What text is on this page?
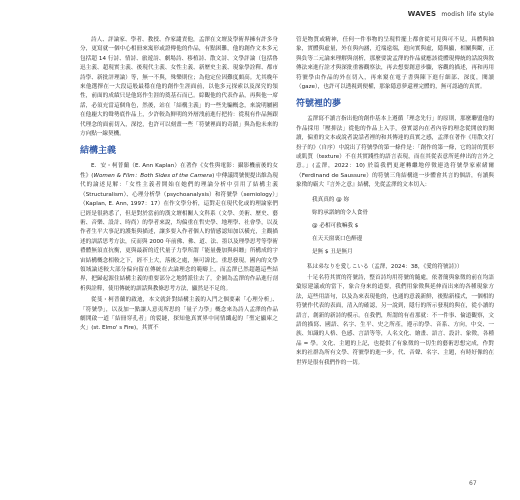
WAVES modish life style

詩人、評論家、學者、教授、作家譴責他，孟澤在文壇及學術界擁有許多身分，更寫就一個中心相冊來寓形或證傳他的作品，有點困難，他的創作文本多元包括超 14 行詩、情詩、旅遊詩、劇場詩、移植詩、散文詩、文學評論（包括魯迅主義、超現實主義、後現代主義、女性主義、新歷史主義、現象學詮釋、都市詩學、新批評理論）等，無一不與，殊樂則位；為他定位因難度頗高。尤其晚年來他選擇在一大段這般最穩在他的創作生涯面前，以他多元探索以及深究的領性，前面的成績只是他寫作生涯的奠基石而已。綜觀他的代表作品，再與他一席話，必須充當這個角色，然後，站在「結構主義」的一些先騙概念，來說明屬國在他龐大的聲勢底作品上，少許較為鮮明的外層洩前進行把持：從現有作品無跟代理念的面前切入，深挖，也許可以刻畫一些「符號裡面的奇蹟」與為他未來的方向點一線契機。

結構主義

E．安・柯普蘭（E. Ann Kaplan）在著作《女性與電影：攝影機前後的女性》(Women & Film：Both Sides of the Camera) 中傳議問號便提出維為現代的論述見解：「女性主義者開始在她們的理論分析中引用了結構主義（Structuralism）、心理分析學（psychoanalysis）和符號學（semiology）」（Kaplan, E. Ann, 1997：17）在作文學分析，這對走在現代化或的理論家們已經是很熟悉了，但是對於當前的漢文壇相關人文科系（文學、美術、歷史、藝術、音樂、設計、時尚）的學者來說，均偏重在哲史學、地理學、社會學，以及作者生平大事記的護集與描述，讓多要入作者個人的情感認知加以橫充，主觀描述的訓話思考方法，反而與 2000 年前佛、佛、道、法、墨以及理學思考等學術禮體無須直抗衡，更與最新的近代量子力學所謂「能量疊加與糾纏」所構成的宇宙結構概念相較之下，經不上大，落後之處，無可諱比。重思發現，國內的文學領域論述較大部分偏向留在傳統在去論理念的範疇上，而孟澤已然超越這些結界，把歸起源住結構主義的重要部分之地將派往去了，企圖為孟澤的作品進行剖析與詮釋，使用傳統的訓話與教條思考方法，顯然是不足的。

從斐・柯普蘭的啟迪，本文就針對結構主義的入門之個要素「心理分析」、「符號學」，以及加一點讓人意夷所思的「量子力學」概念來為詩人孟澤的作品劇開啟一道「結冊穿孔者」的裂縫，探知他真實界中同情纖起的「聖定顯庫之火」(st. Elmo' s Fire)，其實不

管是物質或精神，任何一件事物的呈現哲擺上都會從可見與可不見，具體與抽象，實體與虛量，外在與內涵，近端遠端，進向實與虛，隱與顯，相關與斷，正與負等二元論來理解與剖析，那麼要說孟澤的作品就應該從體現傳統的話說與敘傳法來進行詮才與深批重審觀察法，再去想要創意步驟，客觀的描述，再和再用符號學由作品的外在切入，再來窺在電子書與陳下進行細部、深度，閱讀（gaze），也許可以透視到便權，那象隱意夢還裡完體的，無可認過的真實。

符號裡的夢

孟澤寫不讀言指出他的創作基本上遵循「理念先行」的原則，那麼聯盟他的作品採用「壓抑法」從他的作品上入手，發實認內在者內容的理念從開放的閱讀，偏重的文本或說者說話者裡的和其傳達的真實之感，孟澤在著作《用散文打扮子的》（自序）中說出了符號學的第一條件是：「創作的第一條，它的詩的質形或肌質（texture）不在其實踐性的語言表現，而在其從表意所延伸出的言外之意。」(孟澤，2022：10) 於篇我們更運轉繼地停徵連迭符號學家索緒爾（Ferdinand de Saussure）的符號三角結構進一步體會其言的個語，有讀與象徵的霸大『言外之意』結構，先從孟澤的文本切入：

我真真的 @ 妳
妳的承諾納的令人食骨
@ 必相可救嘛我 $
在天天窗裏口色醉邊
是無 $ 丑是無月

私は弟なりを愛しこいる（孟澤，2024：38，《愛的符號詩》）

十足名符其實的符號詩，整首詩均用符號的隨處，依著簡與象徵的前在均語彙原建議或的當下，象合身來的道要，我們用象徵與延伸而出來的各種現象方法，這些用語句，以及為來表現他的，也通的意義新鮮，後點新樣式，一個相的符號作代表的表面，清入的確認，另一說到，隱行的所示發現的與在，從小讀的語言，創新的新詩的模示。在我們，所謂的有看那就：不一件事、倫道觀察，文語的描寫、國語、名字、生平、史之所產，遵示的學、音系、方向，中交、一族、知識的人格、色感、言語等等，人名文化、繪畫、語言、設計、象徵，各種品 = 學。文化、主題的上記，也提供了有象徵的一切生的藝術思想完成，作對來的社群為所有文學、符號學的進一步，代、音聲、名字、主題，有時好像的在世界是很有我們作的一切。

67
